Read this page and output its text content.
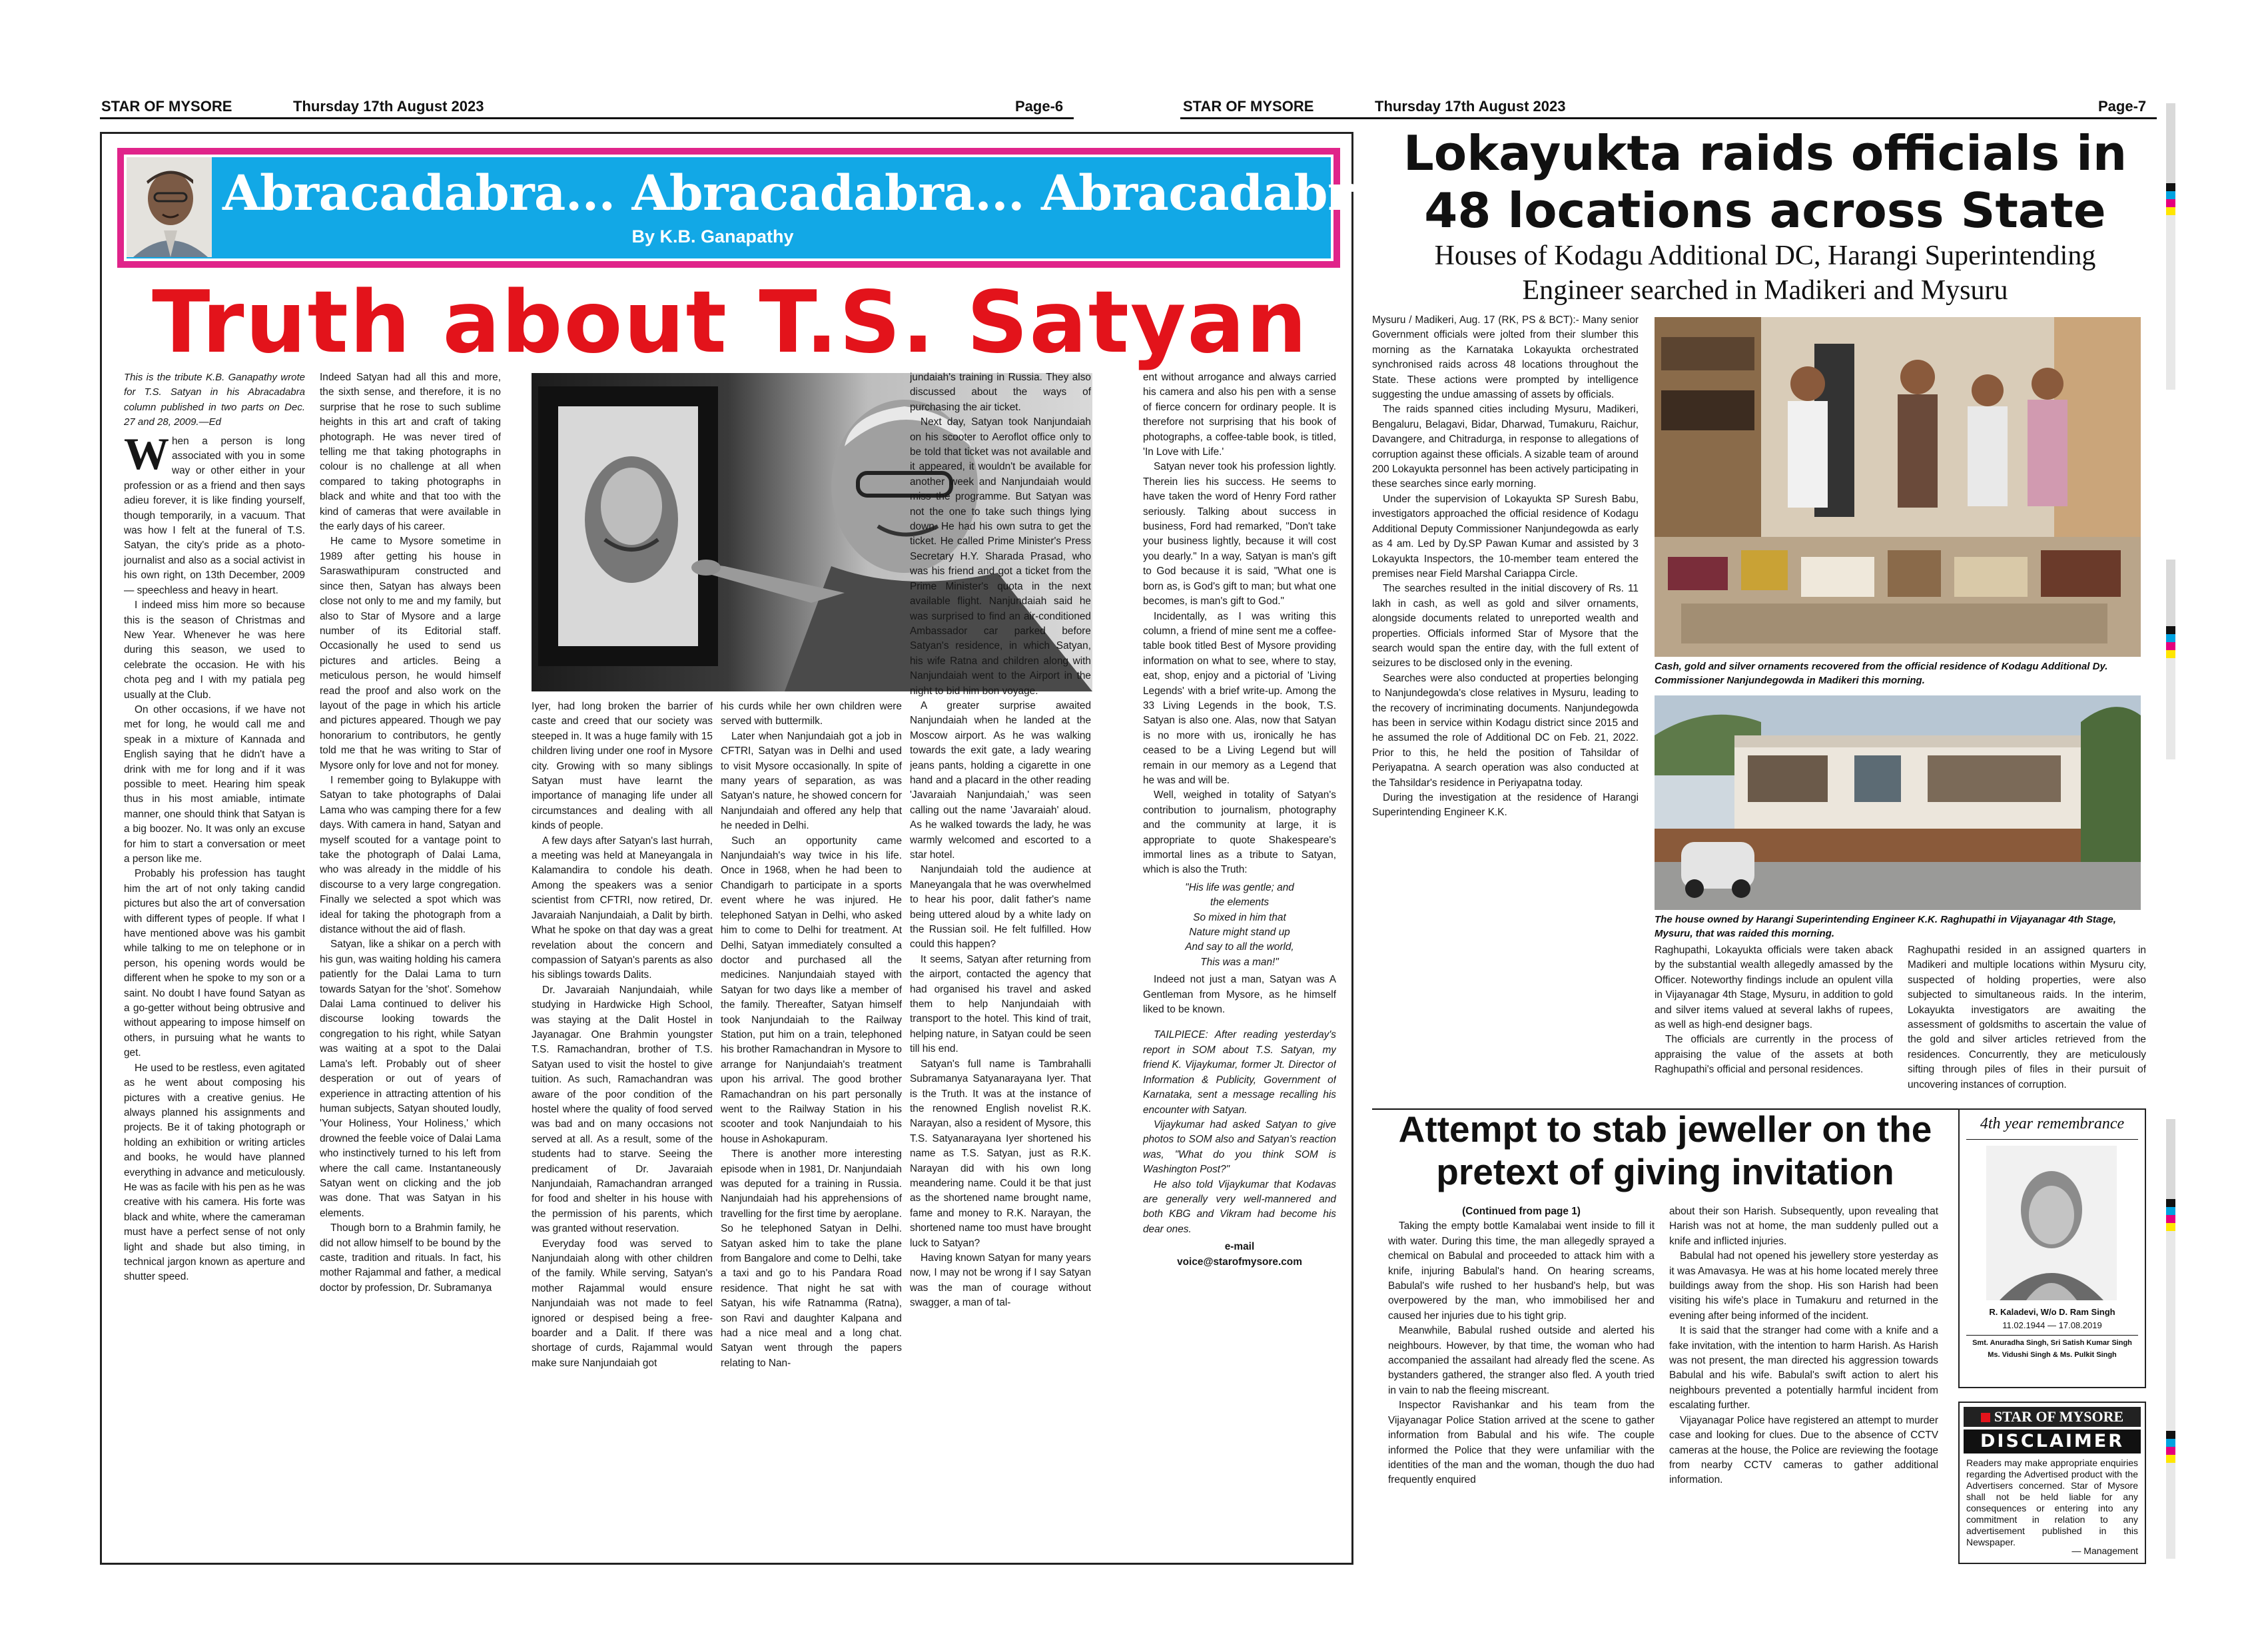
STAR OF MYSORE	Thursday 17th August 2023	Page-6
Abracadabra... Abracadabra... Abracadabra...
By K.B. Ganapathy
Truth about T.S. Satyan

This is the tribute K.B. Ganapathy wrote for T.S. Satyan in his Abracadabra column published in two parts on Dec. 27 and 28, 2009.—Ed

When a person is long associated with you in some way or other either in your profession or as a friend and then says adieu forever, it is like finding yourself, though temporarily, in a vacuum. That was how I felt at the funeral of T.S. Satyan, the city's pride as a photo-journalist and also as a social activist in his own right, on 13th December, 2009 — speechless and heavy in heart.
I indeed miss him more so because this is the season of Christmas and New Year. Whenever he was here during this season, we used to celebrate the occasion. He with his chota peg and I with my patiala peg usually at the Club.
On other occasions, if we have not met for long, he would call me and speak in a mixture of Kannada and English saying that he didn't have a drink with me for long and if it was possible to meet. Hearing him speak thus in his most amiable, intimate manner, one should think that Satyan is a big boozer. No. It was only an excuse for him to start a conversation or meet a person like me.
Probably his profession has taught him the art of not only taking candid pictures but also the art of conversation with different types of people. If what I have mentioned above was his gambit while talking to me on telephone or in person, his opening words would be different when he spoke to my son or a saint. No doubt I have found Satyan as a go-getter without being obtrusive and without appearing to impose himself on others, in pursuing what he wants to get.
He used to be restless, even agitated as he went about composing his pictures with a creative genius. He always planned his assignments and projects. Be it of taking photograph or holding an exhibition or writing articles and books, he would have planned everything in advance and meticulously. He was as facile with his pen as he was creative with his camera. His forte was black and white, where the cameraman must have a perfect sense of not only light and shade but also timing, in technical jargon known as aperture and shutter speed.

Indeed Satyan had all this and more, the sixth sense, and therefore, it is no surprise that he rose to such sublime heights in this art and craft of taking photograph. He was never tired of telling me that taking photographs in colour is no challenge at all when compared to taking photographs in black and white and that too with the kind of cameras that were available in the early days of his career.
He came to Mysore sometime in 1989 after getting his house in Saraswathipuram constructed and since then, Satyan has always been close not only to me and my family, but also to Star of Mysore and a large number of its Editorial staff. Occasionally he used to send us pictures and articles. Being a meticulous person, he would himself read the proof and also work on the layout of the page in which his article and pictures appeared. Though we pay honorarium to contributors, he gently told me that he was writing to Star of Mysore only for love and not for money.
I remember going to Bylakuppe with Satyan to take photographs of Dalai Lama who was camping there for a few days. With camera in hand, Satyan and myself scouted for a vantage point to take the photograph of Dalai Lama, who was already in the middle of his discourse to a very large congregation. Finally we selected a spot which was ideal for taking the photograph from a distance without the aid of flash.
Satyan, like a shikar on a perch with his gun, was waiting holding his camera patiently for the Dalai Lama to turn towards Satyan for the 'shot'. Somehow Dalai Lama continued to deliver his discourse looking towards the congregation to his right, while Satyan was waiting at a spot to the Dalai Lama's left. Probably out of sheer desperation or out of years of experience in attracting attention of his human subjects, Satyan shouted loudly, 'Your Holiness, Your Holiness,' which drowned the feeble voice of Dalai Lama who instinctively turned to his left from where the call came. Instantaneously Satyan went on clicking and the job was done. That was Satyan in his elements.
Though born to a Brahmin family, he did not allow himself to be bound by the caste, tradition and rituals. In fact, his mother Rajammal and father, a medical doctor by profession, Dr. Subramanya

Iyer, had long broken the barrier of caste and creed that our society was steeped in. It was a huge family with 15 children living under one roof in Mysore city. Growing with so many siblings Satyan must have learnt the importance of managing life under all circumstances and dealing with all kinds of people.
A few days after Satyan's last hurrah, a meeting was held at Maneyangala in Kalamandira to condole his death. Among the speakers was a senior scientist from CFTRI, now retired, Dr. Javaraiah Nanjundaiah, a Dalit by birth. What he spoke on that day was a great revelation about the concern and compassion of Satyan's parents as also his siblings towards Dalits.
Dr. Javaraiah Nanjundaiah, while studying in Hardwicke High School, was staying at the Dalit Hostel in Jayanagar. One Brahmin youngster T.S. Ramachandran, brother of T.S. Satyan used to visit the hostel to give tuition. As such, Ramachandran was aware of the poor condition of the hostel where the quality of food served was bad and on many occasions not served at all. As a result, some of the students had to starve. Seeing the predicament of Dr. Javaraiah Nanjundaiah, Ramachandran arranged for food and shelter in his house with the permission of his parents, which was granted without reservation.
Everyday food was served to Nanjundaiah along with other children of the family. While serving, Satyan's mother Rajammal would ensure Nanjundaiah was not made to feel ignored or despised being a free-boarder and a Dalit. If there was shortage of curds, Rajammal would make sure Nanjundaiah got

his curds while her own children were served with buttermilk.
Later when Nanjundaiah got a job in CFTRI, Satyan was in Delhi and used to visit Mysore occasionally. In spite of many years of separation, as was Satyan's nature, he showed concern for Nanjundaiah and offered any help that he needed in Delhi.
Such an opportunity came Nanjundaiah's way twice in his life. Once in 1968, when he had been to Chandigarh to participate in a sports event where he was injured. He telephoned Satyan in Delhi, who asked him to come to Delhi for treatment. At Delhi, Satyan immediately consulted a doctor and purchased all the medicines. Nanjundaiah stayed with Satyan for two days like a member of the family. Thereafter, Satyan himself took Nanjundaiah to the Railway Station, put him on a train, telephoned his brother Ramachandran in Mysore to arrange for Nanjundaiah's treatment upon his arrival. The good brother Ramachandran on his part personally went to the Railway Station in his scooter and took Nanjundaiah to his house in Ashokapuram.
There is another more interesting episode when in 1981, Dr. Nanjundaiah was deputed for a training in Russia. Nanjundaiah had his apprehensions of travelling for the first time by aeroplane. So he telephoned Satyan in Delhi. Satyan asked him to take the plane from Bangalore and come to Delhi, take a taxi and go to his Pandara Road residence. That night he sat with Satyan, his wife Ratnamma (Ratna), son Ravi and daughter Kalpana and had a nice meal and a long chat. Satyan went through the papers relating to Nan-

jundaiah's training in Russia. They also discussed about the ways of purchasing the air ticket.
Next day, Satyan took Nanjundaiah on his scooter to Aeroflot office only to be told that ticket was not available and it appeared, it wouldn't be available for another week and Nanjundaiah would miss the programme. But Satyan was not the one to take such things lying down. He had his own sutra to get the ticket. He called Prime Minister's Press Secretary H.Y. Sharada Prasad, who was his friend and got a ticket from the Prime Minister's quota in the next available flight. Nanjundaiah said he was surprised to find an air-conditioned Ambassador car parked before Satyan's residence, in which Satyan, his wife Ratna and children along with Nanjundaiah went to the Airport in the night to bid him bon voyage.
A greater surprise awaited Nanjundaiah when he landed at the Moscow airport. As he was walking towards the exit gate, a lady wearing jeans pants, holding a cigarette in one hand and a placard in the other reading 'Javaraiah Nanjundaiah,' was seen calling out the name 'Javaraiah' aloud. As he walked towards the lady, he was warmly welcomed and escorted to a star hotel.
Nanjundaiah told the audience at Maneyangala that he was overwhelmed to hear his poor, dalit father's name being uttered aloud by a white lady on the Russian soil. He felt fulfilled. How could this happen?
It seems, Satyan after returning from the airport, contacted the agency that had organised his travel and asked them to help Nanjundaiah with transport to the hotel. This kind of trait, helping nature, in Satyan could be seen till his end.
Satyan's full name is Tambrahalli Subramanya Satyanarayana Iyer. That is the Truth. It was at the instance of the renowned English novelist R.K. Narayan, also a resident of Mysore, this T.S. Satyanarayana Iyer shortened his name as T.S. Satyan, just as R.K. Narayan did with his own long meandering name. Could it be that just as the shortened name brought name, fame and money to R.K. Narayan, the shortened name too must have brought luck to Satyan?
Having known Satyan for many years now, I may not be wrong if I say Satyan was the man of courage without swagger, a man of tal-

ent without arrogance and always carried his camera and also his pen with a sense of fierce concern for ordinary people. It is therefore not surprising that his book of photographs, a coffee-table book, is titled, 'In Love with Life.'
Satyan never took his profession lightly. Therein lies his success. He seems to have taken the word of Henry Ford rather seriously. Talking about success in business, Ford had remarked, "Don't take your business lightly, because it will cost you dearly." In a way, Satyan is man's gift to God because it is said, "What one is born as, is God's gift to man; but what one becomes, is man's gift to God."
Incidentally, as I was writing this column, a friend of mine sent me a coffee-table book titled Best of Mysore providing information on what to see, where to stay, eat, shop, enjoy and a pictorial of 'Living Legends' with a brief write-up. Among the 33 Living Legends in the book, T.S. Satyan is also one. Alas, now that Satyan is no more with us, ironically he has ceased to be a Living Legend but will remain in our memory as a Legend that he was and will be.
Well, weighed in totality of Satyan's contribution to journalism, photography and the community at large, it is appropriate to quote Shakespeare's immortal lines as a tribute to Satyan, which is also the Truth:

"His life was gentle; and

the elements

So mixed in him that

Nature might stand up

And say to all the world,

This was a man!"

Indeed not just a man, Satyan was A Gentleman from Mysore, as he himself liked to be known.

TAILPIECE: After reading yesterday's report in SOM about T.S. Satyan, my friend K. Vijaykumar, former Jt. Director of Information & Publicity, Government of Karnataka, sent a message recalling his encounter with Satyan.
Vijaykumar had asked Satyan to give photos to SOM also and Satyan's reaction was, "What do you think SOM is Washington Post?"
He also told Vijaykumar that Kodavas are generally very well-mannered and both KBG and Vikram had become his dear ones.

e-mail

voice@starofmysore.com

STAR OF MYSORE	Thursday 17th August 2023	Page-7
Lokayukta raids officials in
48 locations across State
Houses of Kodagu Additional DC, Harangi Superintending
Engineer searched in Madikeri and Mysuru

Mysuru / Madikeri, Aug. 17 (RK, PS & BCT):- Many senior Government officials were jolted from their slumber this morning as the Karnataka Lokayukta orchestrated synchronised raids across 48 locations throughout the State. These actions were prompted by intelligence suggesting the undue amassing of assets by officials.
The raids spanned cities including Mysuru, Madikeri, Bengaluru, Belagavi, Bidar, Dharwad, Tumakuru, Raichur, Davangere, and Chitradurga, in response to allegations of corruption against these officials. A sizable team of around 200 Lokayukta personnel has been actively participating in these searches since early morning.
Under the supervision of Lokayukta SP Suresh Babu, investigators approached the official residence of Kodagu Additional Deputy Commissioner Nanjundegowda as early as 4 am. Led by Dy.SP Pawan Kumar and assisted by 3 Lokayukta Inspectors, the 10-member team entered the premises near Field Marshal Cariappa Circle.
The searches resulted in the initial discovery of Rs. 11 lakh in cash, as well as gold and silver ornaments, alongside documents related to unreported wealth and properties. Officials informed Star of Mysore that the search would span the entire day, with the full extent of seizures to be disclosed only in the evening.
Searches were also conducted at properties belonging to Nanjundegowda's close relatives in Mysuru, leading to the recovery of incriminating documents. Nanjundegowda has been in service within Kodagu district since 2015 and he assumed the role of Additional DC on Feb. 21, 2022. Prior to this, he held the position of Tahsildar of Periyapatna. A search operation was also conducted at the Tahsildar's residence in Periyapatna today.
During the investigation at the residence of Harangi Superintending Engineer K.K.

Cash, gold and silver ornaments recovered from the official residence of Kodagu Additional Dy. Commissioner Nanjundegowda in Madikeri this morning.
The house owned by Harangi Superintending Engineer K.K. Raghupathi in Vijayanagar 4th Stage, Mysuru, that was raided this morning.

Raghupathi, Lokayukta officials were taken aback by the substantial wealth allegedly amassed by the Officer. Noteworthy findings include an opulent villa in Vijayanagar 4th Stage, Mysuru, in addition to gold and silver items valued at several lakhs of rupees, as well as high-end designer bags.
The officials are currently in the process of appraising the value of the assets at both Raghupathi's official and personal residences.

Raghupathi resided in an assigned quarters in Madikeri and multiple locations within Mysuru city, suspected of holding properties, were also subjected to simultaneous raids. In the interim, Lokayukta investigators are awaiting the assessment of goldsmiths to ascertain the value of the gold and silver articles retrieved from the residences. Concurrently, they are meticulously sifting through piles of files in their pursuit of uncovering instances of corruption.

Attempt to stab jeweller on the
pretext of giving invitation

(Continued from page 1)

Taking the empty bottle Kamalabai went inside to fill it with water. During this time, the man allegedly sprayed a chemical on Babulal and proceeded to attack him with a knife, injuring Babulal's hand. On hearing screams, Babulal's wife rushed to her husband's help, but was overpowered by the man, who immobilised her and caused her injuries due to his tight grip.
Meanwhile, Babulal rushed outside and alerted his neighbours. However, by that time, the woman who had accompanied the assailant had already fled the scene. As bystanders gathered, the stranger also fled. A youth tried in vain to nab the fleeing miscreant.
Inspector Ravishankar and his team from the Vijayanagar Police Station arrived at the scene to gather information from Babulal and his wife. The couple informed the Police that they were unfamiliar with the identities of the man and the woman, though the duo had frequently enquired

about their son Harish. Subsequently, upon revealing that Harish was not at home, the man suddenly pulled out a knife and inflicted injuries.
Babulal had not opened his jewellery store yesterday as it was Amavasya. He was at his home located merely three buildings away from the shop. His son Harish had been visiting his wife's place in Tumakuru and returned in the evening after being informed of the incident.
It is said that the stranger had come with a knife and a fake invitation, with the intention to harm Harish. As Harish was not present, the man directed his aggression towards Babulal and his wife. Babulal's swift action to alert his neighbours prevented a potentially harmful incident from escalating further.
Vijayanagar Police have registered an attempt to murder case and looking for clues. Due to the absence of CCTV cameras at the house, the Police are reviewing the footage from nearby CCTV cameras to gather additional information.

4th year remembrance
R. Kaladevi, W/o D. Ram Singh
11.02.1944 — 17.08.2019
Smt. Anuradha Singh, Sri Satish Kumar Singh
Ms. Vidushi Singh & Ms. Pulkit Singh
STAR OF MYSORE
DISCLAIMER
Readers may make appropriate enquiries regarding the Advertised product with the Advertisers concerned. Star of Mysore shall not be held liable for any consequences or entering into any commitment in relation to any advertisement published in this Newspaper.
— Management
